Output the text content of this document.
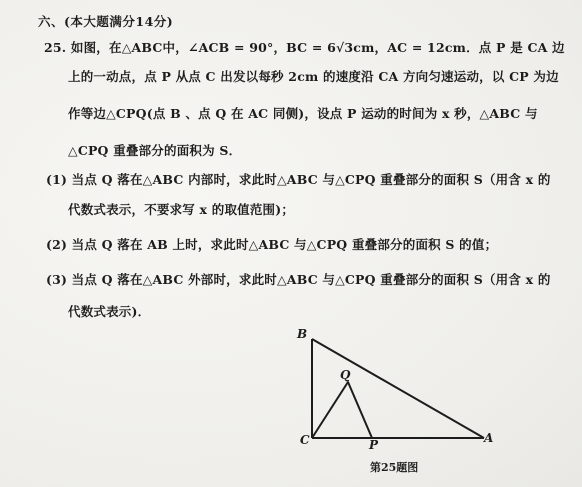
六、(本大题满分14分)
25. 如图，在△ABC中，∠ACB = 90°，BC = 6√3cm，AC = 12cm．点 P 是 CA 边
上的一动点，点 P 从点 C 出发以每秒 2cm 的速度沿 CA 方向匀速运动，以 CP 为边
作等边△CPQ(点 B 、点 Q 在 AC 同侧)，设点 P 运动的时间为 x 秒，△ABC 与
△CPQ 重叠部分的面积为 S．
(1) 当点 Q 落在△ABC 内部时，求此时△ABC 与△CPQ 重叠部分的面积 S（用含 x 的
代数式表示，不要求写 x 的取值范围)；
(2) 当点 Q 落在 AB 上时，求此时△ABC 与△CPQ 重叠部分的面积 S 的值；
(3) 当点 Q 落在△ABC 外部时，求此时△ABC 与△CPQ 重叠部分的面积 S（用含 x 的
代数式表示)．
B
Q
C	P	A
第25题图
